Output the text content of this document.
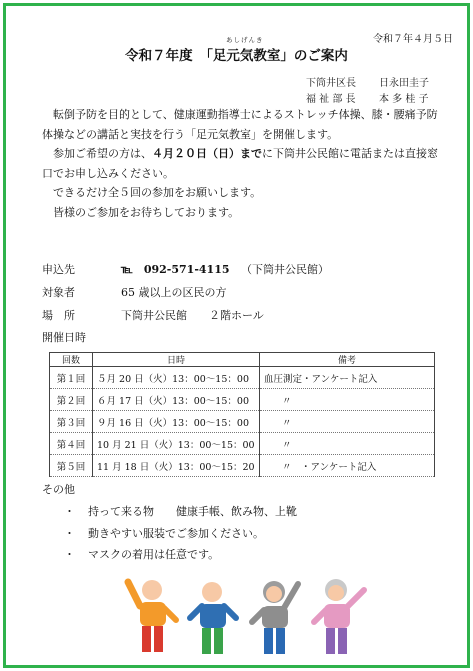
令和７年４月５日
あしげんき
令和７年度　「足元気教室」のご案内
下筒井区長 日永田圭子
福 祉 部 長 本 多 桂 子

転倒予防を目的として、健康運動指導士によるストレッチ体操、膝・腰痛予防体操などの講話と実技を行う「足元気教室」を開催します。

参加ご希望の方は、４月２０日（日）までに下筒井公民館に電話または直接窓口でお申し込みください。

できるだけ全５回の参加をお願いします。

皆様のご参加をお待ちしております。

申込先	℡　 092-571-4115 （下筒井公民館）
対象者	65 歳以上の区民の方
場　所	下筒井公民館　　２階ホール
開催日時
回数	日時	備考
第１回	５月 20 日（火）13：00～15：00	血圧測定・アンケート記入
第２回	６月 17 日（火）13：00～15：00	〃
第３回	９月 16 日（火）13：00～15：00	〃
第４回	10 月 21 日（火）13：00～15：00	〃
第５回	11 月 18 日（火）13：00～15：20	〃　・アンケート記入
その他
・ 持って来る物　　健康手帳、飲み物、上靴
・ 動きやすい服装でご参加ください。
・ マスクの着用は任意です。
